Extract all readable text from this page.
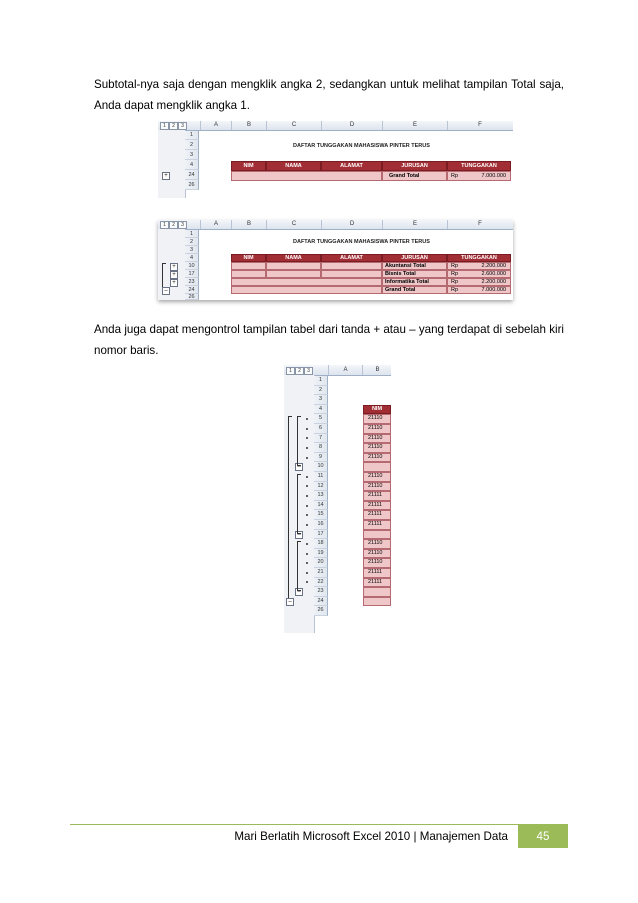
Subtotal-nya saja dengan mengklik angka 2, sedangkan untuk melihat tampilan Total saja, Anda dapat mengklik angka 1.

1	2	3	A	B	C	D	E	F
1
2
3
4
24
26
+
DAFTAR TUNGGAKAN MAHASISWA PINTER TERUS
NIM	NAMA	ALAMAT	JURUSAN	TUNGGAKAN
Grand Total	Rp	7.000.000
1	2	3	A	B	C	D	E	F
1
2
3
4
10
17
23
24
26
+
+
+
–
DAFTAR TUNGGAKAN MAHASISWA PINTER TERUS
NIM	NAMA	ALAMAT	JURUSAN	TUNGGAKAN
Akuntansi Total	Rp	2.200.000
Bisnis Total	Rp	2.600.000
Informatika Total	Rp	2.200.000
Grand Total	Rp	7.000.000

Anda juga dapat mengontrol tampilan tabel dari tanda + atau – yang terdapat di sebelah kiri nomor baris.

1	2	3	A	B
1
2
3
4	NIM
5	21110
6	21110
7	21110
8	21110
9	21110
10
–
11	21110
12	21110
13	21111
14	21111
15	21111
16	21111
17
–
18	21110
19	21110
20	21110
21	21111
22	21111
23
–
24
26
–
Mari Berlatih Microsoft Excel 2010 | Manajemen Data	45
